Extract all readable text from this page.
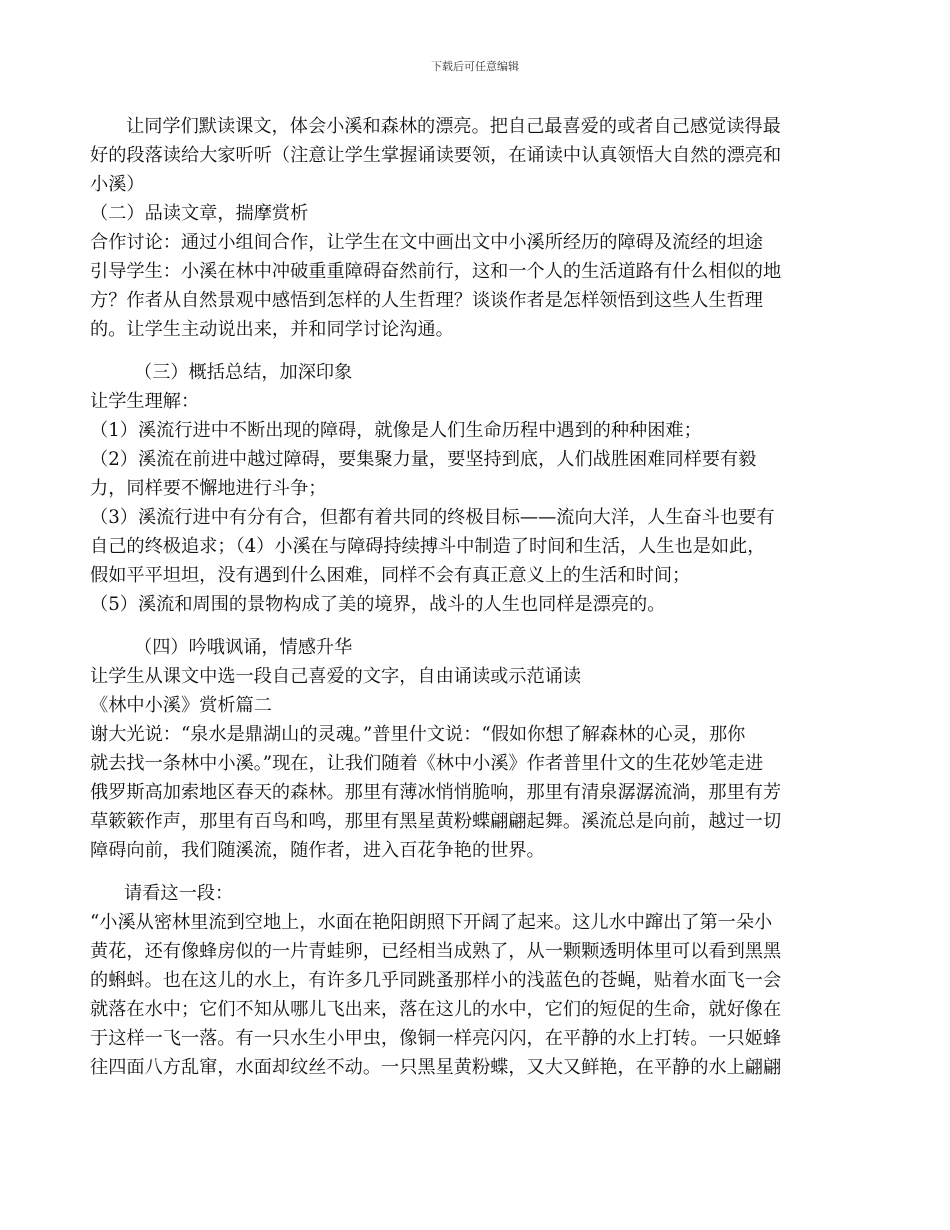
下载后可任意编辑

让同学们默读课文，体会小溪和森林的漂亮。把自己最喜爱的或者自己感觉读得最

好的段落读给大家听听（注意让学生掌握诵读要领，在诵读中认真领悟大自然的漂亮和

小溪）

（二）品读文章，揣摩赏析

合作讨论：通过小组间合作，让学生在文中画出文中小溪所经历的障碍及流经的坦途

引导学生：小溪在林中冲破重重障碍奋然前行，这和一个人的生活道路有什么相似的地

方？作者从自然景观中感悟到怎样的人生哲理？谈谈作者是怎样领悟到这些人生哲理

的。让学生主动说出来，并和同学讨论沟通。

（三）概括总结，加深印象

让学生理解：

（1）溪流行进中不断出现的障碍，就像是人们生命历程中遇到的种种困难；

（2）溪流在前进中越过障碍，要集聚力量，要坚持到底，人们战胜困难同样要有毅

力，同样要不懈地进行斗争；

（3）溪流行进中有分有合，但都有着共同的终极目标——流向大洋，人生奋斗也要有

自己的终极追求；（4）小溪在与障碍持续搏斗中制造了时间和生活，人生也是如此，

假如平平坦坦，没有遇到什么困难，同样不会有真正意义上的生活和时间；

（5）溪流和周围的景物构成了美的境界，战斗的人生也同样是漂亮的。

（四）吟哦讽诵，情感升华

让学生从课文中选一段自己喜爱的文字，自由诵读或示范诵读

《林中小溪》赏析篇二

谢大光说：“泉水是鼎湖山的灵魂。”普里什文说：“假如你想了解森林的心灵，那你

就去找一条林中小溪。”现在，让我们随着《林中小溪》作者普里什文的生花妙笔走进

俄罗斯高加索地区春天的森林。那里有薄冰悄悄脆响，那里有清泉潺潺流淌，那里有芳

草簌簌作声，那里有百鸟和鸣，那里有黑星黄粉蝶翩翩起舞。溪流总是向前，越过一切

障碍向前，我们随溪流，随作者，进入百花争艳的世界。

请看这一段：

“小溪从密林里流到空地上，水面在艳阳朗照下开阔了起来。这儿水中蹿出了第一朵小

黄花，还有像蜂房似的一片青蛙卵，已经相当成熟了，从一颗颗透明体里可以看到黑黑

的蝌蚪。也在这儿的水上，有许多几乎同跳蚤那样小的浅蓝色的苍蝇，贴着水面飞一会

就落在水中；它们不知从哪儿飞出来，落在这儿的水中，它们的短促的生命，就好像在

于这样一飞一落。有一只水生小甲虫，像铜一样亮闪闪，在平静的水上打转。一只姬蜂

往四面八方乱窜，水面却纹丝不动。一只黑星黄粉蝶，又大又鲜艳，在平静的水上翩翩
